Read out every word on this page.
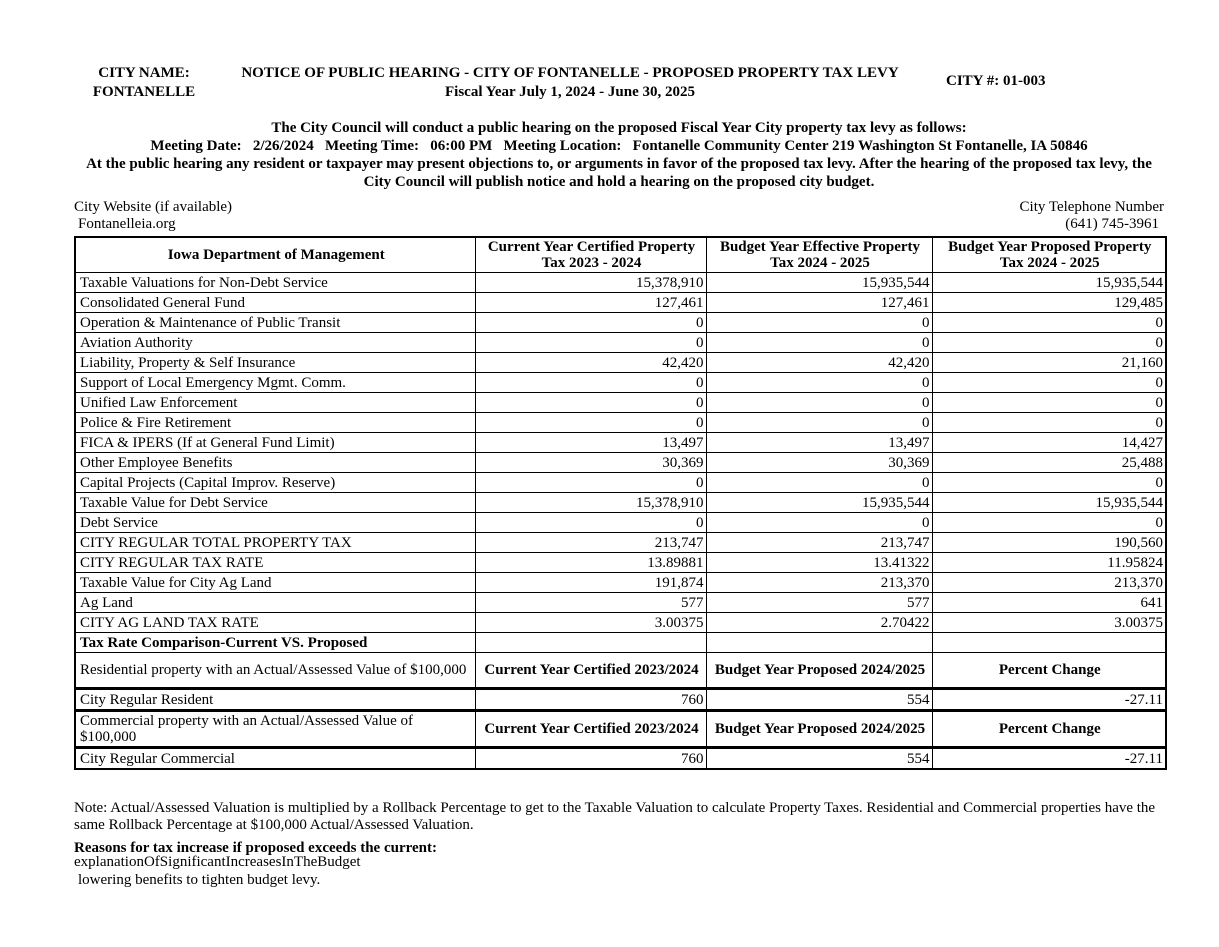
CITY NAME:
FONTANELLE
NOTICE OF PUBLIC HEARING - CITY OF FONTANELLE - PROPOSED PROPERTY TAX LEVY
Fiscal Year July 1, 2024 - June 30, 2025
CITY #: 01-003
The City Council will conduct a public hearing on the proposed Fiscal Year City property tax levy as follows:
Meeting Date:   2/26/2024   Meeting Time:   06:00 PM   Meeting Location:   Fontanelle Community Center 219 Washington St Fontanelle, IA 50846
At the public hearing any resident or taxpayer may present objections to, or arguments in favor of the proposed tax levy. After the hearing of the proposed tax levy, the City Council will publish notice and hold a hearing on the proposed city budget.
City Website (if available)
Fontanelleia.org
City Telephone Number
(641) 745-3961
Iowa Department of Management	Current Year Certified Property Tax 2023 - 2024	Budget Year Effective Property Tax 2024 - 2025	Budget Year Proposed Property Tax 2024 - 2025
Taxable Valuations for Non-Debt Service	15,378,910	15,935,544	15,935,544
Consolidated General Fund	127,461	127,461	129,485
Operation & Maintenance of Public Transit	0	0	0
Aviation Authority	0	0	0
Liability, Property & Self Insurance	42,420	42,420	21,160
Support of Local Emergency Mgmt. Comm.	0	0	0
Unified Law Enforcement	0	0	0
Police & Fire Retirement	0	0	0
FICA & IPERS (If at General Fund Limit)	13,497	13,497	14,427
Other Employee Benefits	30,369	30,369	25,488
Capital Projects (Capital Improv. Reserve)	0	0	0
Taxable Value for Debt Service	15,378,910	15,935,544	15,935,544
Debt Service	0	0	0
CITY REGULAR TOTAL PROPERTY TAX	213,747	213,747	190,560
CITY REGULAR TAX RATE	13.89881	13.41322	11.95824
Taxable Value for City Ag Land	191,874	213,370	213,370
Ag Land	577	577	641
CITY AG LAND TAX RATE	3.00375	2.70422	3.00375
Tax Rate Comparison-Current VS. Proposed			
Residential property with an Actual/Assessed Value of $100,000	Current Year Certified 2023/2024	Budget Year Proposed 2024/2025	Percent Change
City Regular Resident	760	554	-27.11
Commercial property with an Actual/Assessed Value of $100,000	Current Year Certified 2023/2024	Budget Year Proposed 2024/2025	Percent Change
City Regular Commercial	760	554	-27.11
Note: Actual/Assessed Valuation is multiplied by a Rollback Percentage to get to the Taxable Valuation to calculate Property Taxes. Residential and Commercial properties have the same Rollback Percentage at $100,000 Actual/Assessed Valuation.
Reasons for tax increase if proposed exceeds the current:
explanationOfSignificantIncreasesInTheBudget
lowering benefits to tighten budget levy.
